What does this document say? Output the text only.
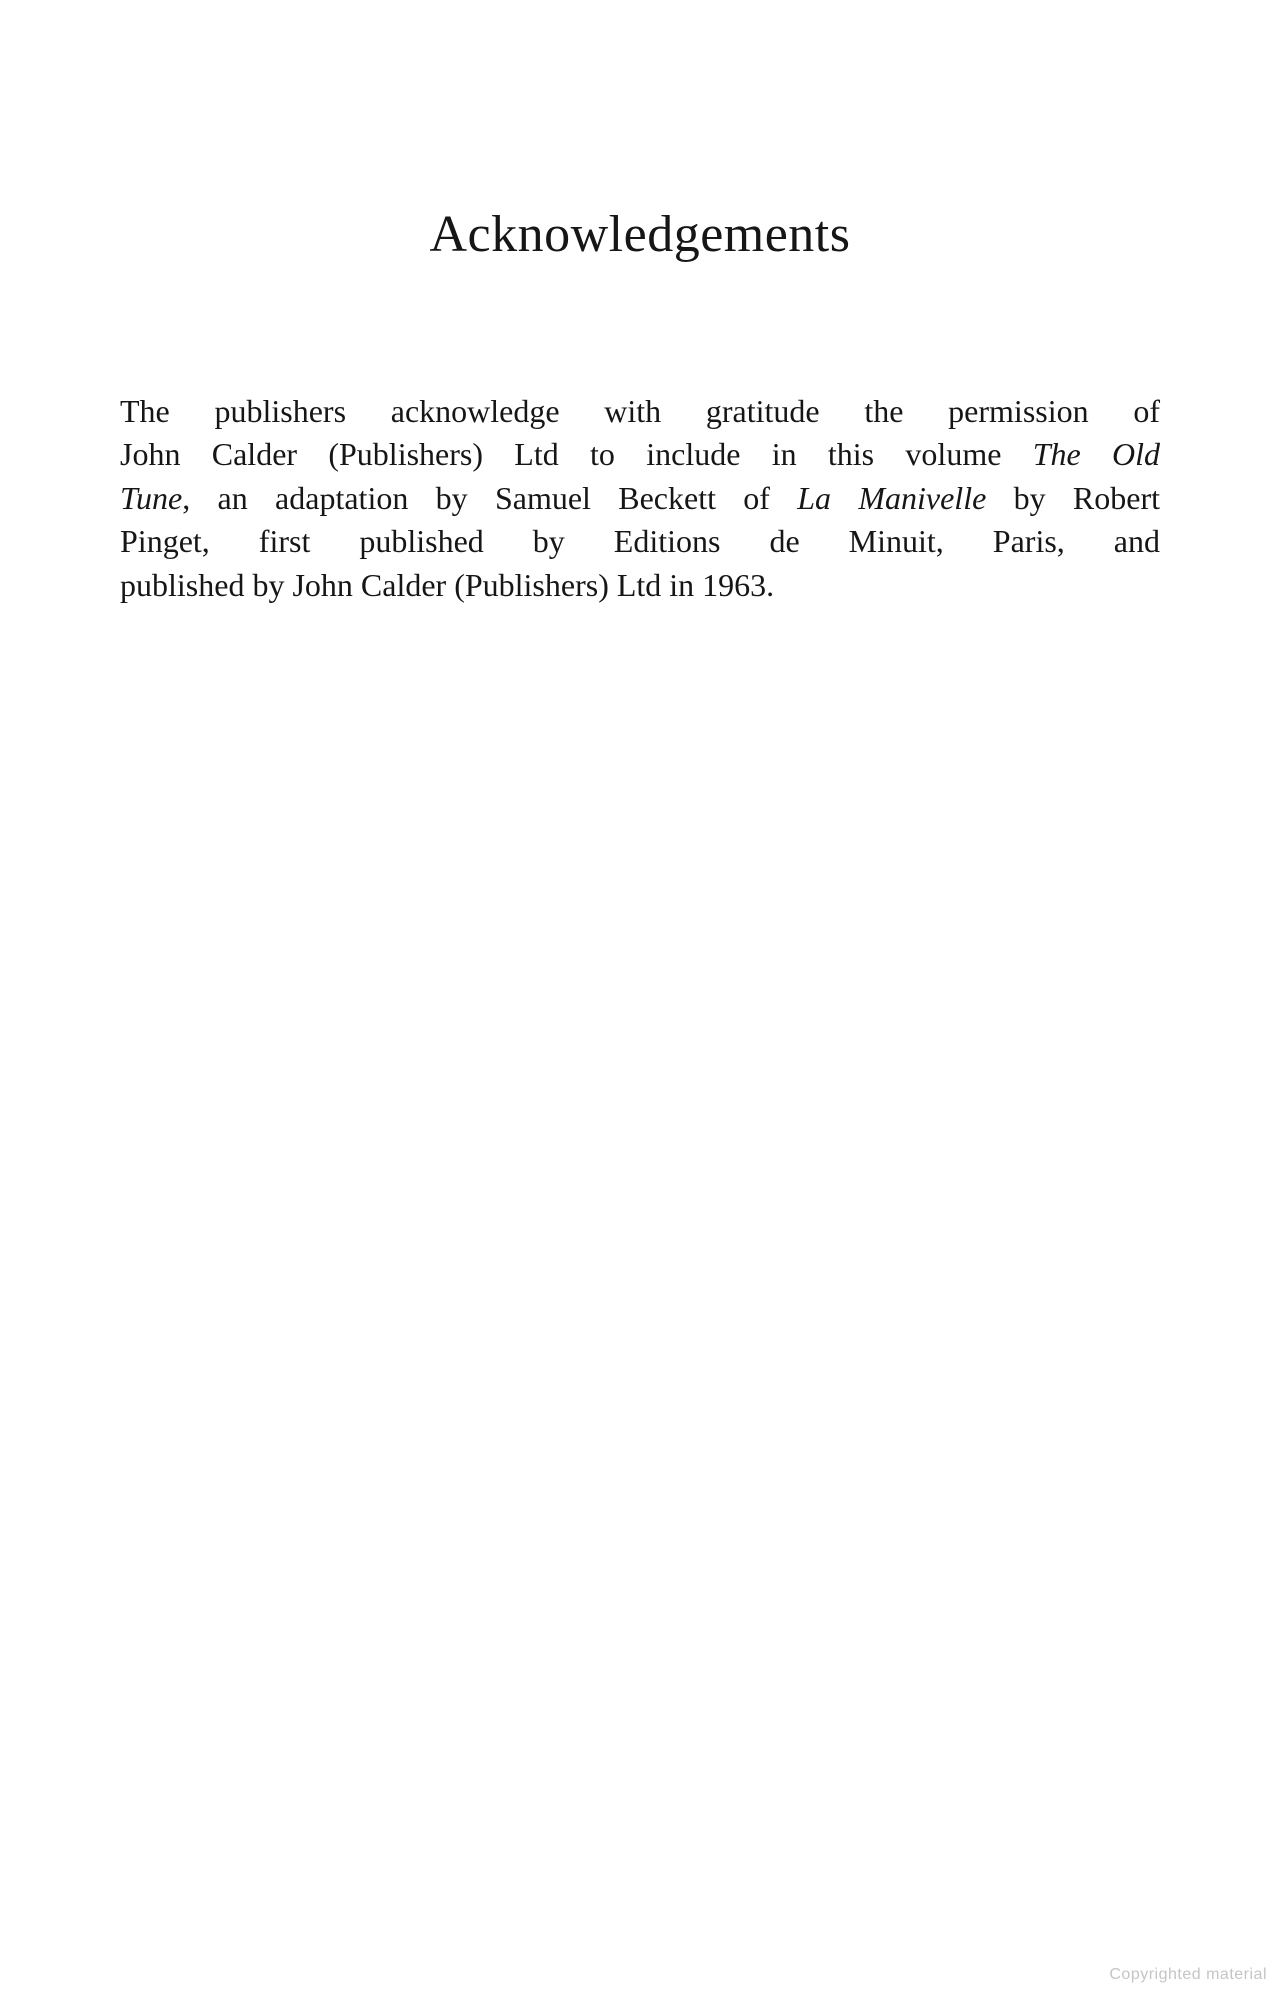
Acknowledgements
The publishers acknowledge with gratitude the permission of
John Calder (Publishers) Ltd to include in this volume The Old
Tune, an adaptation by Samuel Beckett of La Manivelle by Robert
Pinget, first published by Editions de Minuit, Paris, and
published by John Calder (Publishers) Ltd in 1963.
Copyrighted material
